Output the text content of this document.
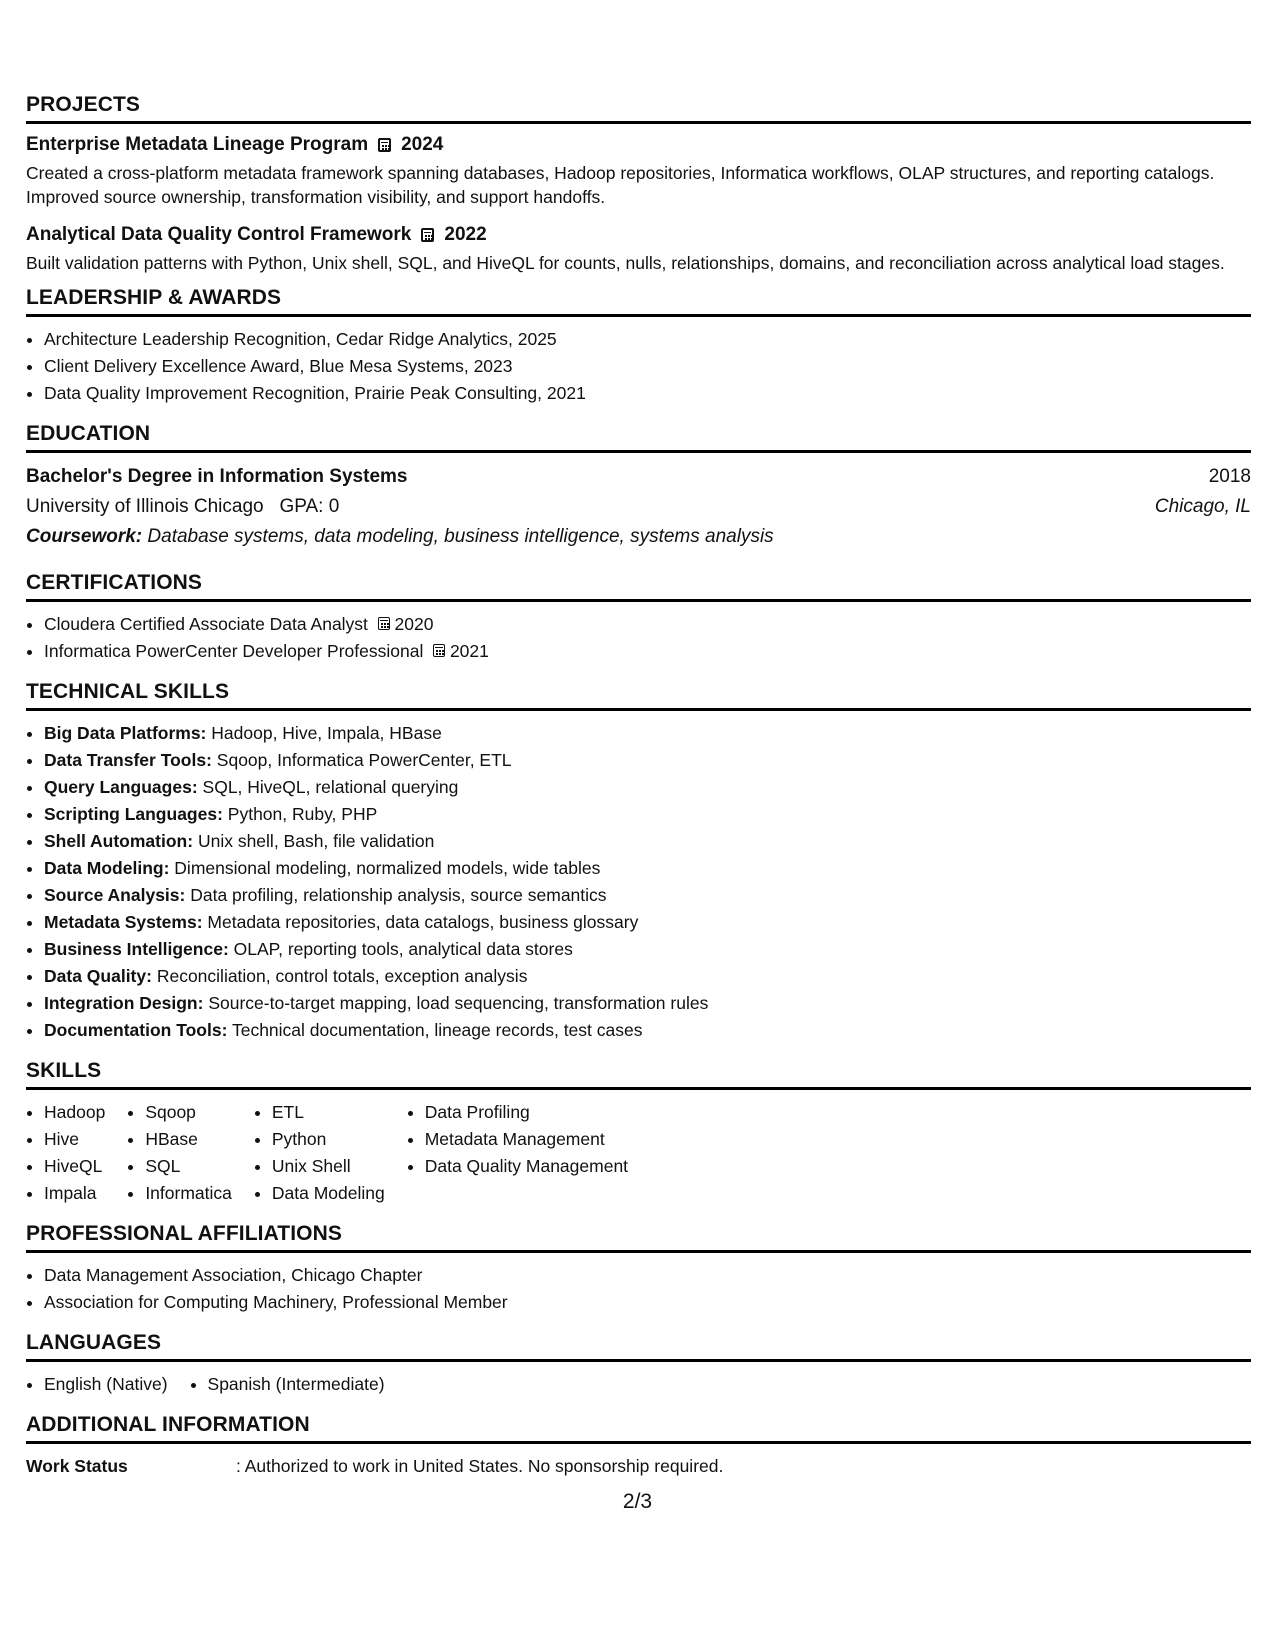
PROJECTS
Enterprise Metadata Lineage Program 2024
Created a cross-platform metadata framework spanning databases, Hadoop repositories, Informatica workflows, OLAP structures, and reporting catalogs. Improved source ownership, transformation visibility, and support handoffs.
Analytical Data Quality Control Framework 2022
Built validation patterns with Python, Unix shell, SQL, and HiveQL for counts, nulls, relationships, domains, and reconciliation across analytical load stages.
LEADERSHIP & AWARDS
• Architecture Leadership Recognition, Cedar Ridge Analytics, 2025
• Client Delivery Excellence Award, Blue Mesa Systems, 2023
• Data Quality Improvement Recognition, Prairie Peak Consulting, 2021
EDUCATION
Bachelor's Degree in Information Systems	2018
University of Illinois Chicago GPA: 0	Chicago, IL
Coursework: Database systems, data modeling, business intelligence, systems analysis
CERTIFICATIONS
• Cloudera Certified Associate Data Analyst 2020
• Informatica PowerCenter Developer Professional 2021
TECHNICAL SKILLS
• Big Data Platforms: Hadoop, Hive, Impala, HBase
• Data Transfer Tools: Sqoop, Informatica PowerCenter, ETL
• Query Languages: SQL, HiveQL, relational querying
• Scripting Languages: Python, Ruby, PHP
• Shell Automation: Unix shell, Bash, file validation
• Data Modeling: Dimensional modeling, normalized models, wide tables
• Source Analysis: Data profiling, relationship analysis, source semantics
• Metadata Systems: Metadata repositories, data catalogs, business glossary
• Business Intelligence: OLAP, reporting tools, analytical data stores
• Data Quality: Reconciliation, control totals, exception analysis
• Integration Design: Source-to-target mapping, load sequencing, transformation rules
• Documentation Tools: Technical documentation, lineage records, test cases
SKILLS
• Hadoop
• Hive
• HiveQL
• Impala
• Sqoop
• HBase
• SQL
• Informatica
• ETL
• Python
• Unix Shell
• Data Modeling
• Data Profiling
• Metadata Management
• Data Quality Management
PROFESSIONAL AFFILIATIONS
• Data Management Association, Chicago Chapter
• Association for Computing Machinery, Professional Member
LANGUAGES
• English (Native)
• Spanish (Intermediate)
ADDITIONAL INFORMATION
Work Status	: Authorized to work in United States. No sponsorship required.
2/3
